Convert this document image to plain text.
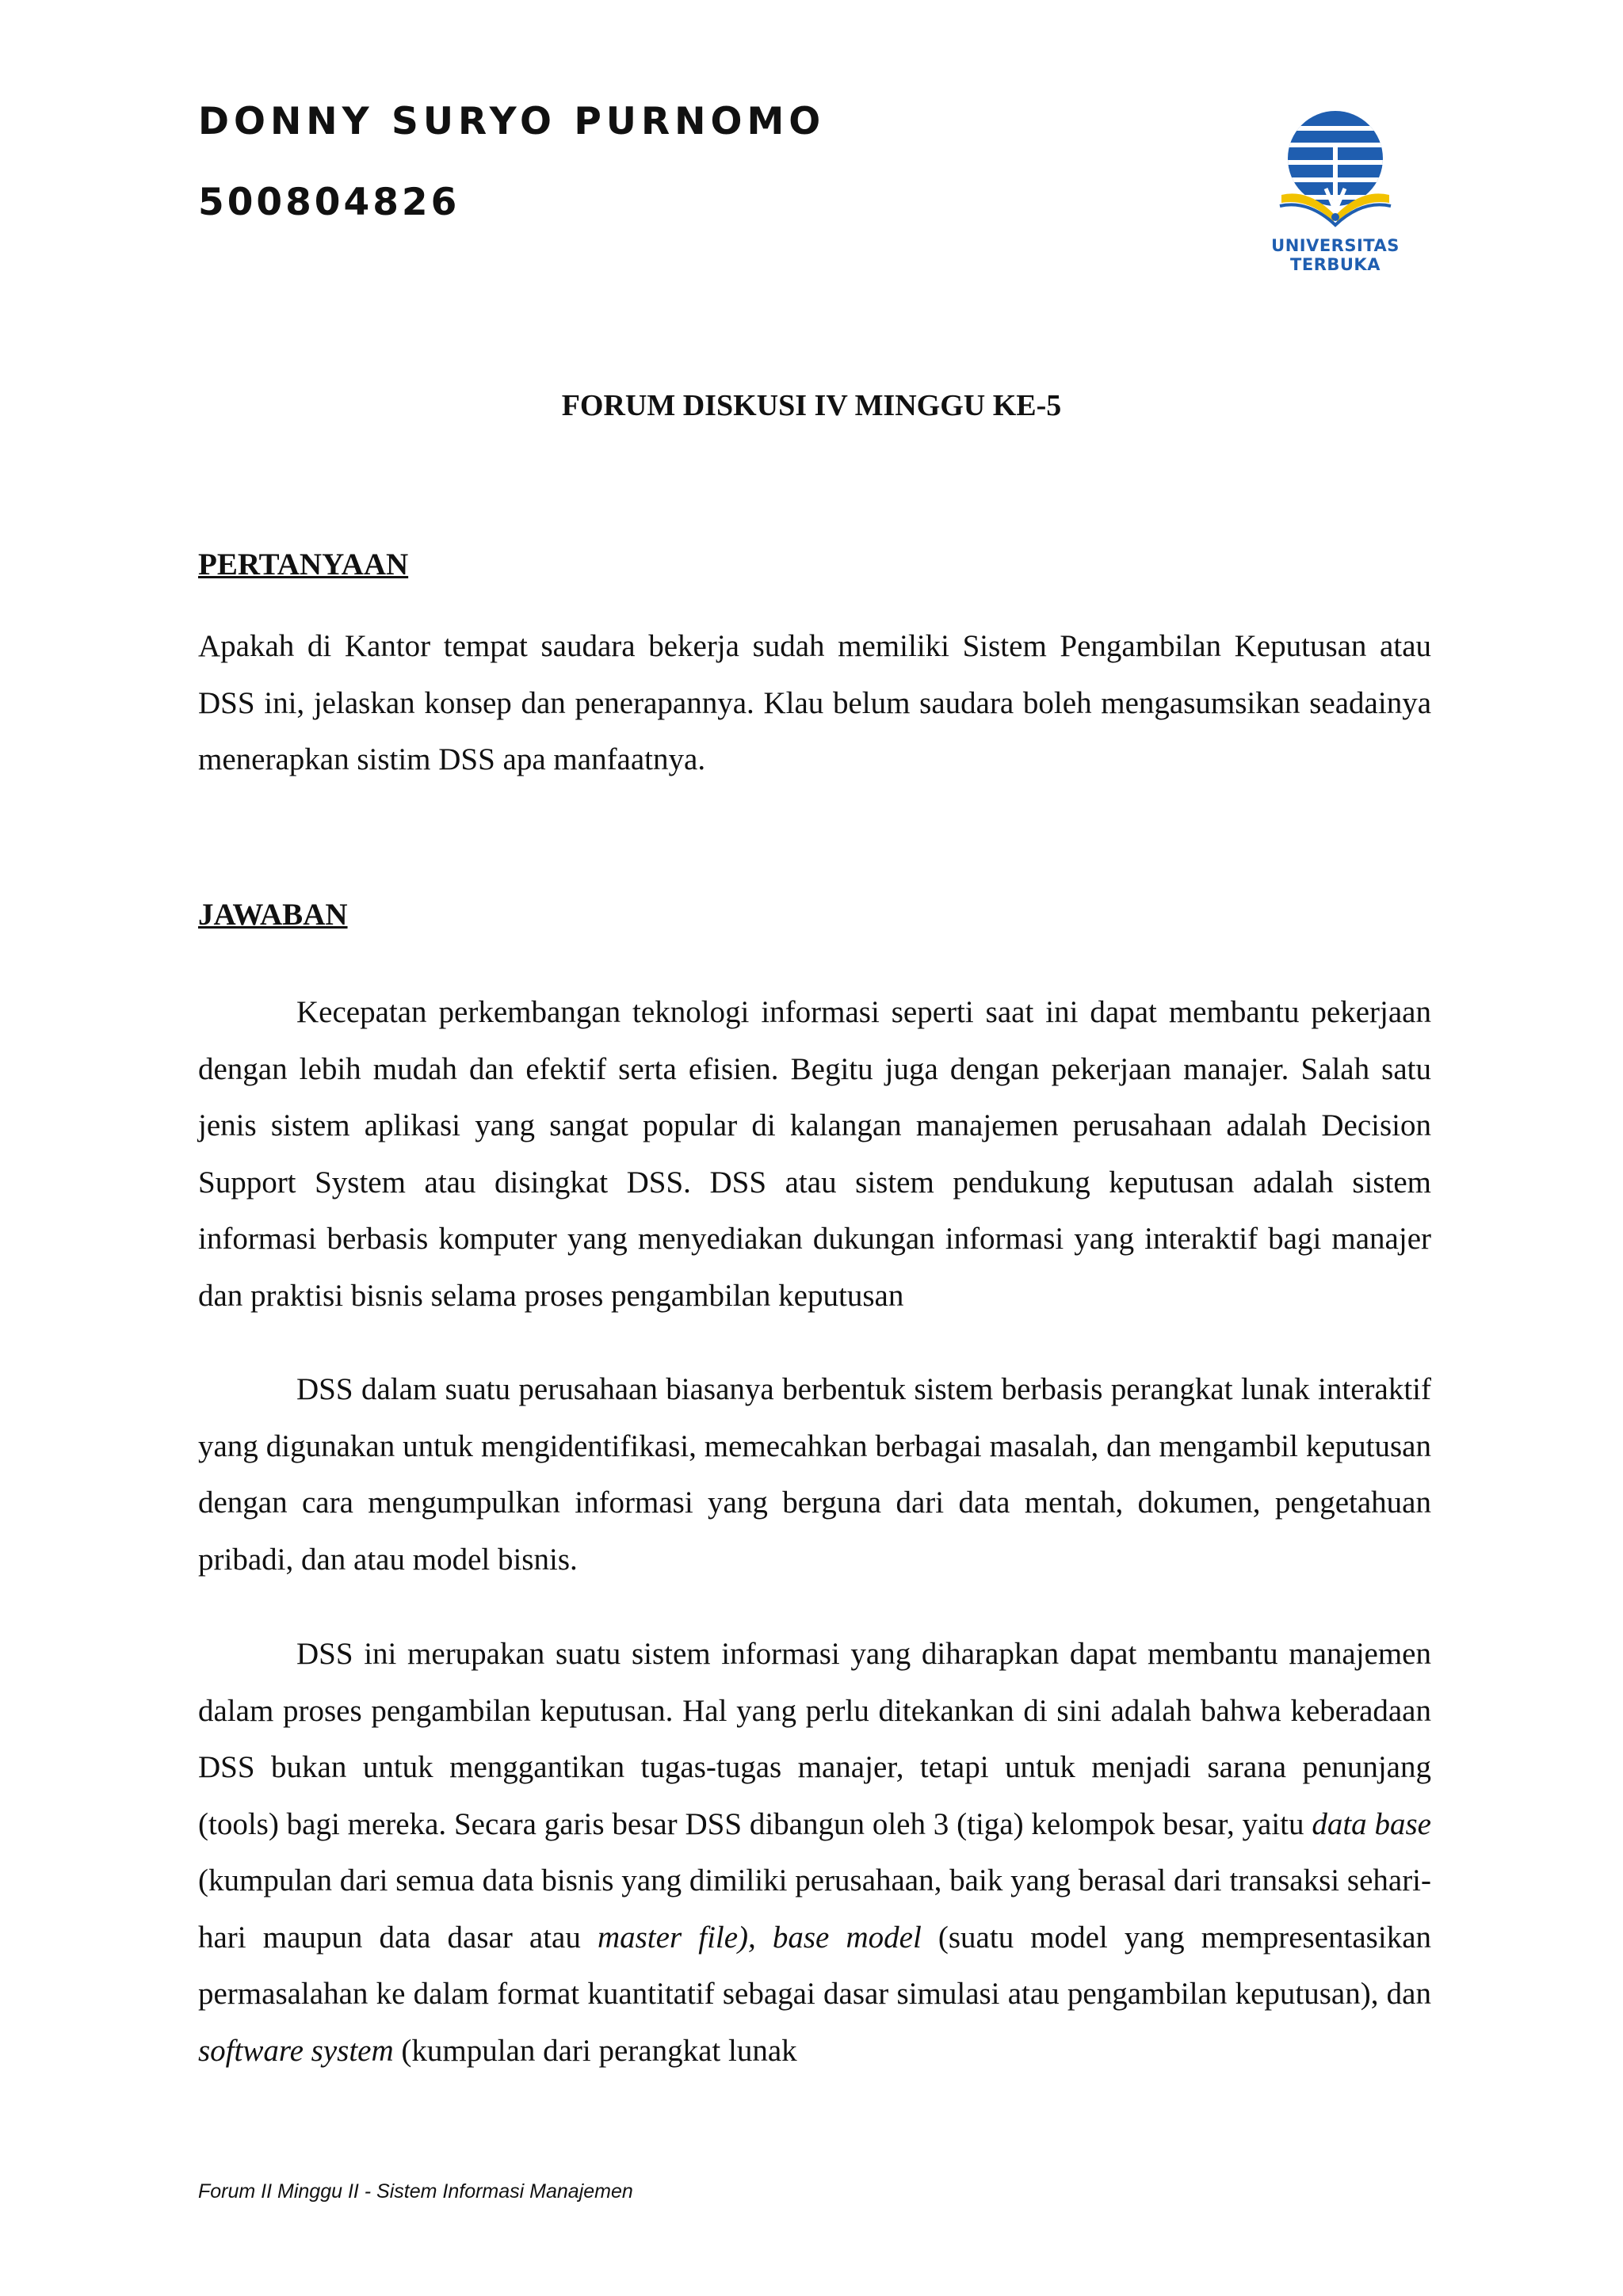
DONNY SURYO PURNOMO

500804826

UNIVERSITAS TERBUKA
FORUM DISKUSI IV MINGGU KE-5
PERTANYAAN

Apakah di Kantor tempat saudara bekerja sudah memiliki Sistem Pengambilan Keputusan atau DSS ini, jelaskan konsep dan penerapannya. Klau belum saudara boleh mengasumsikan seadainya menerapkan sistim DSS apa manfaatnya.

JAWABAN

Kecepatan perkembangan teknologi informasi seperti saat ini dapat membantu pekerjaan dengan lebih mudah dan efektif serta efisien. Begitu juga dengan pekerjaan manajer. Salah satu jenis sistem aplikasi yang sangat popular di kalangan manajemen perusahaan adalah Decision Support System atau disingkat DSS. DSS atau sistem pendukung keputusan adalah sistem informasi berbasis komputer yang menyediakan dukungan informasi yang interaktif bagi manajer dan praktisi bisnis selama proses pengambilan keputusan

DSS dalam suatu perusahaan biasanya berbentuk sistem berbasis perangkat lunak interaktif yang digunakan untuk mengidentifikasi, memecahkan berbagai masalah, dan mengambil keputusan dengan cara mengumpulkan informasi yang berguna dari data mentah, dokumen, pengetahuan pribadi, dan atau model bisnis.

DSS ini merupakan suatu sistem informasi yang diharapkan dapat membantu manajemen dalam proses pengambilan keputusan. Hal yang perlu ditekankan di sini adalah bahwa keberadaan DSS bukan untuk menggantikan tugas-tugas manajer, tetapi untuk menjadi sarana penunjang (tools) bagi mereka. Secara garis besar DSS dibangun oleh 3 (tiga) kelompok besar, yaitu data base (kumpulan dari semua data bisnis yang dimiliki perusahaan, baik yang berasal dari transaksi sehari-hari maupun data dasar atau master file), base model (suatu model yang mempresentasikan permasalahan ke dalam format kuantitatif sebagai dasar simulasi atau pengambilan keputusan), dan software system (kumpulan dari perangkat lunak

Forum II Minggu II - Sistem Informasi Manajemen
